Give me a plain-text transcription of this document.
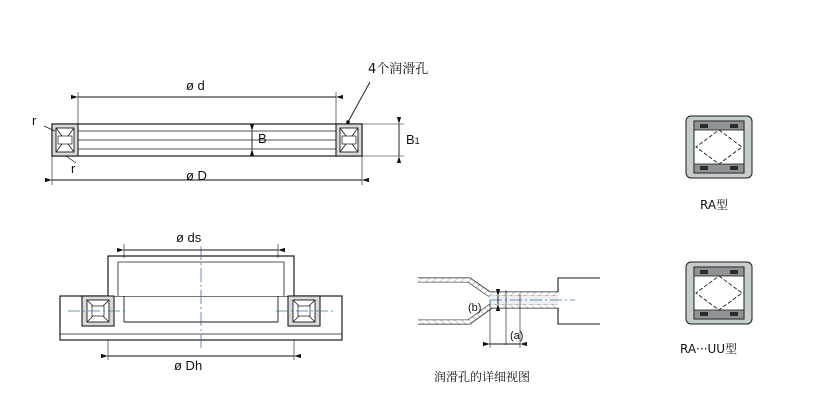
4个润滑孔
ø d
ø D
B	B1
r
r
ø ds
ø Dh
(b)
(a)
润滑孔的详细视图
RA型
RA···UU型
